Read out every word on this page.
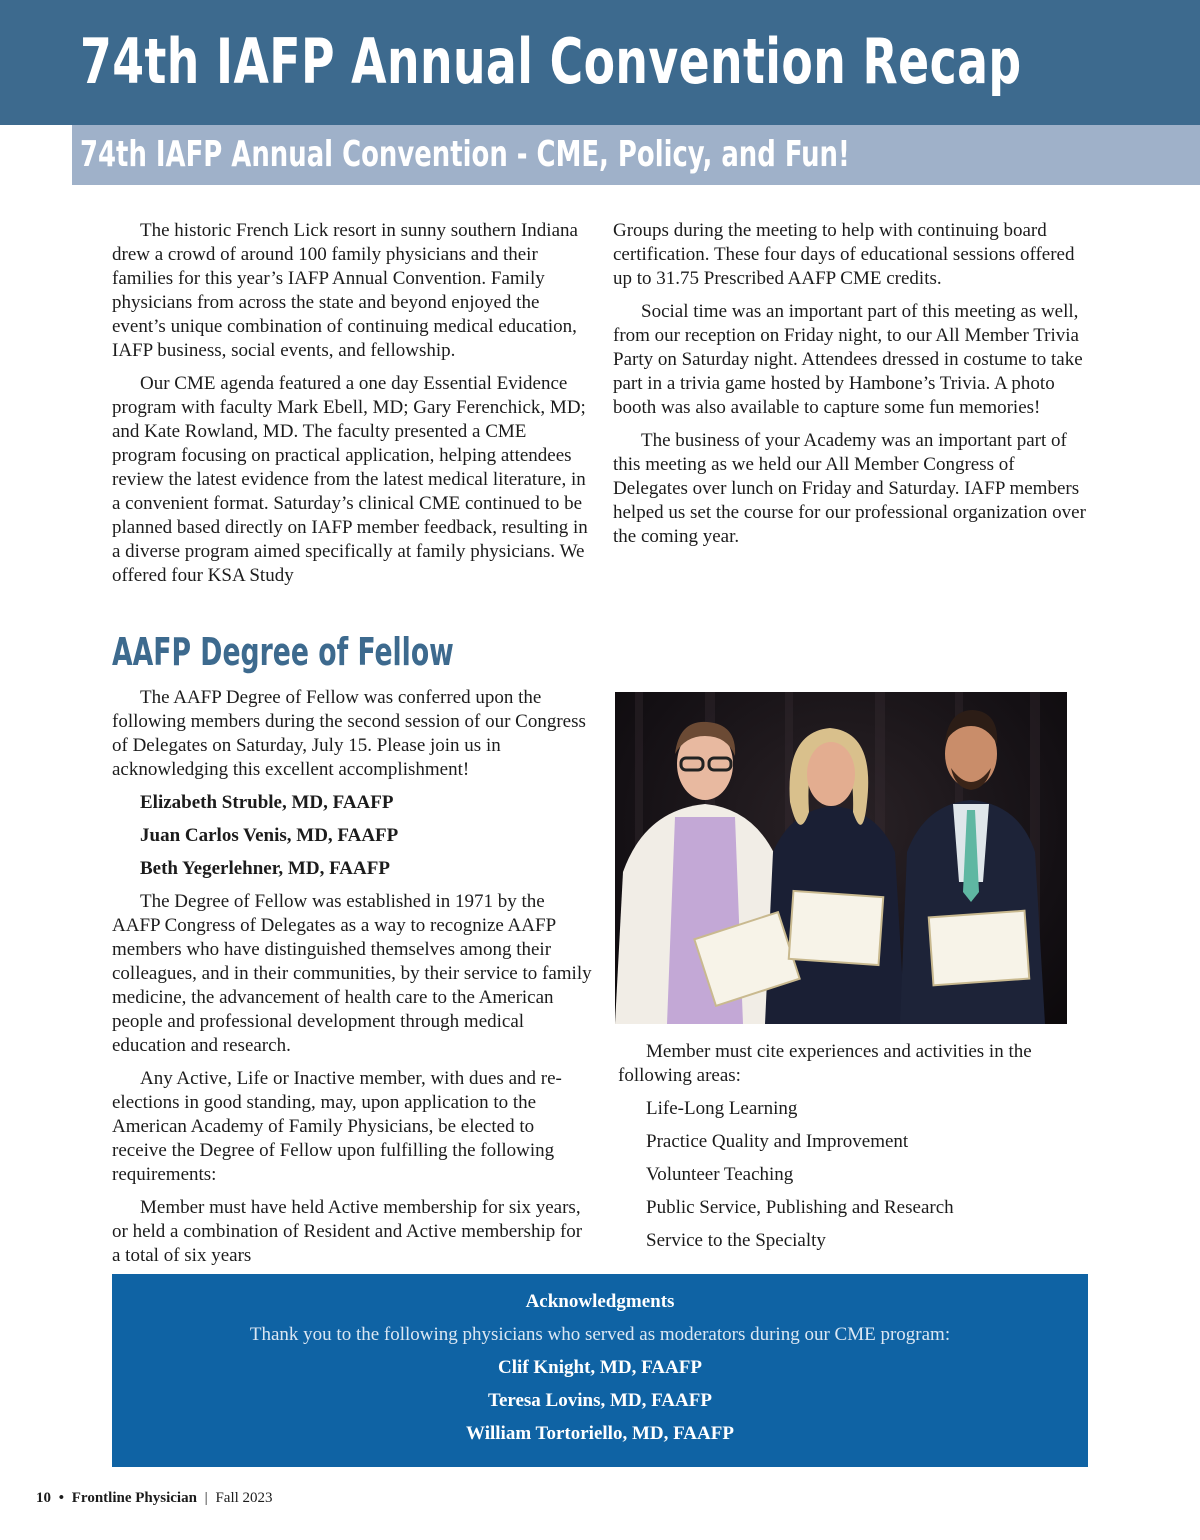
74th IAFP Annual Convention Recap
74th IAFP Annual Convention - CME, Policy, and Fun!

The historic French Lick resort in sunny southern Indiana drew a crowd of around 100 family physicians and their families for this year’s IAFP Annual Convention. Family physicians from across the state and beyond enjoyed the event’s unique combination of continuing medical education, IAFP business, social events, and fellowship.

Our CME agenda featured a one day Essential Evidence program with faculty Mark Ebell, MD; Gary Ferenchick, MD; and Kate Rowland, MD. The faculty presented a CME program focusing on practical application, helping attendees review the latest evidence from the latest medical literature, in a convenient format. Saturday’s clinical CME continued to be planned based directly on IAFP member feedback, resulting in a diverse program aimed specifically at family physicians. We offered four KSA Study

Groups during the meeting to help with continuing board certification. These four days of educational sessions offered up to 31.75 Prescribed AAFP CME credits.

Social time was an important part of this meeting as well, from our reception on Friday night, to our All Member Trivia Party on Saturday night. Attendees dressed in costume to take part in a trivia game hosted by Hambone’s Trivia. A photo booth was also available to capture some fun memories!

The business of your Academy was an important part of this meeting as we held our All Member Congress of Delegates over lunch on Friday and Saturday. IAFP members helped us set the course for our professional organization over the coming year.

AAFP Degree of Fellow

The AAFP Degree of Fellow was conferred upon the following members during the second session of our Congress of Delegates on Saturday, July 15. Please join us in acknowledging this excellent accomplishment!

Elizabeth Struble, MD, FAAFP

Juan Carlos Venis, MD, FAAFP

Beth Yegerlehner, MD, FAAFP

The Degree of Fellow was established in 1971 by the AAFP Congress of Delegates as a way to recognize AAFP members who have distinguished themselves among their colleagues, and in their communities, by their service to family medicine, the advancement of health care to the American people and professional development through medical education and research.

Any Active, Life or Inactive member, with dues and re-elections in good standing, may, upon application to the American Academy of Family Physicians, be elected to receive the Degree of Fellow upon fulfilling the following requirements:

Member must have held Active membership for six years, or held a combination of Resident and Active membership for a total of six years

Member must cite experiences and activities in the following areas:

Life-Long Learning

Practice Quality and Improvement

Volunteer Teaching

Public Service, Publishing and Research

Service to the Specialty

Acknowledgments
Thank you to the following physicians who served as moderators during our CME program:
Clif Knight, MD, FAAFP
Teresa Lovins, MD, FAAFP
William Tortoriello, MD, FAAFP
10 • Frontline Physician | Fall 2023
